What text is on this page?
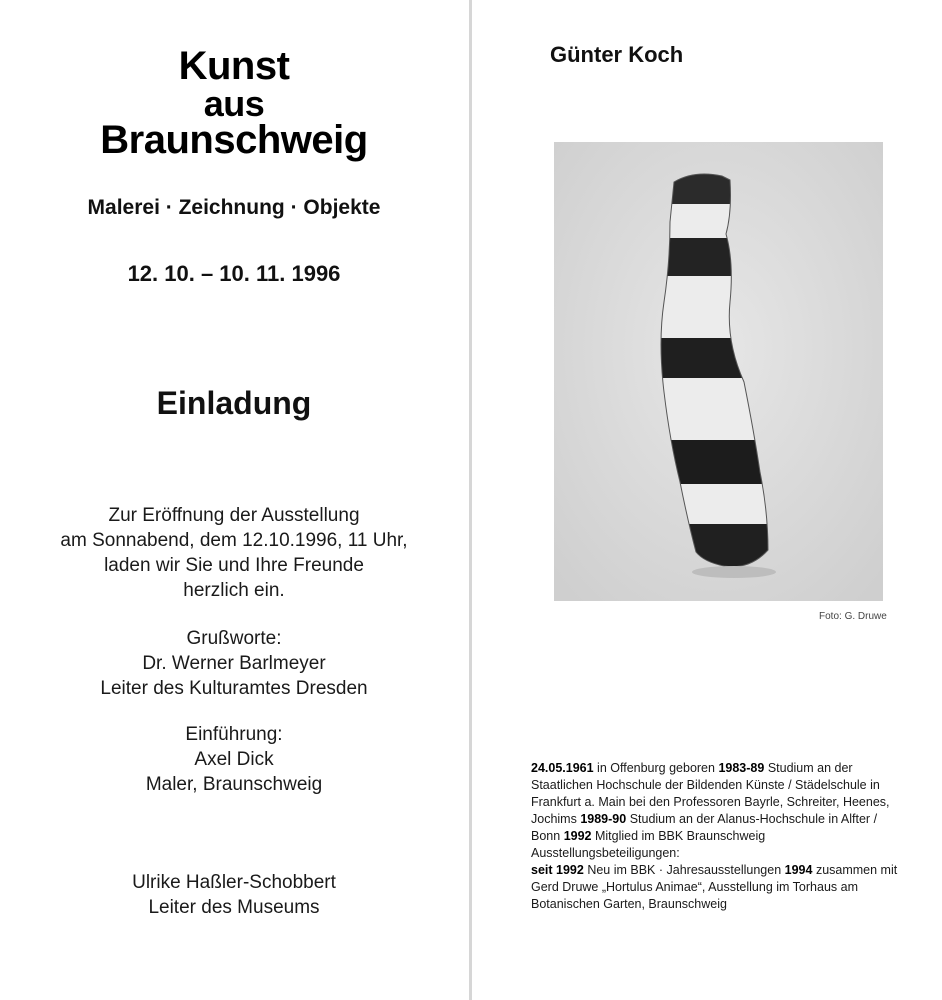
Kunst

aus

Braunschweig

Malerei · Zeichnung · Objekte

12. 10. – 10. 11. 1996

Einladung

Zur Eröffnung der Ausstellung
am Sonnabend, dem 12.10.1996, 11 Uhr,
laden wir Sie und Ihre Freunde
herzlich ein.
Grußworte:
Dr. Werner Barlmeyer
Leiter des Kulturamtes Dresden
Einführung:
Axel Dick
Maler, Braunschweig
Ulrike Haßler-Schobbert
Leiter des Museums

Günter Koch

Foto: G. Druwe

24.05.1961 in Offenburg geboren 1983-89 Studium an der Staatlichen Hochschule der Bildenden Künste / Städelschule in Frankfurt a. Main bei den Professoren Bayrle, Schreiter, Heenes, Jochims 1989-90 Studium an der Alanus-Hochschule in Alfter / Bonn 1992 Mitglied im BBK Braunschweig
Ausstellungsbeteiligungen:
seit 1992 Neu im BBK · Jahresausstellungen 1994 zusammen mit Gerd Druwe „Hortulus Animae“, Ausstellung im Torhaus am Botanischen Garten, Braunschweig
